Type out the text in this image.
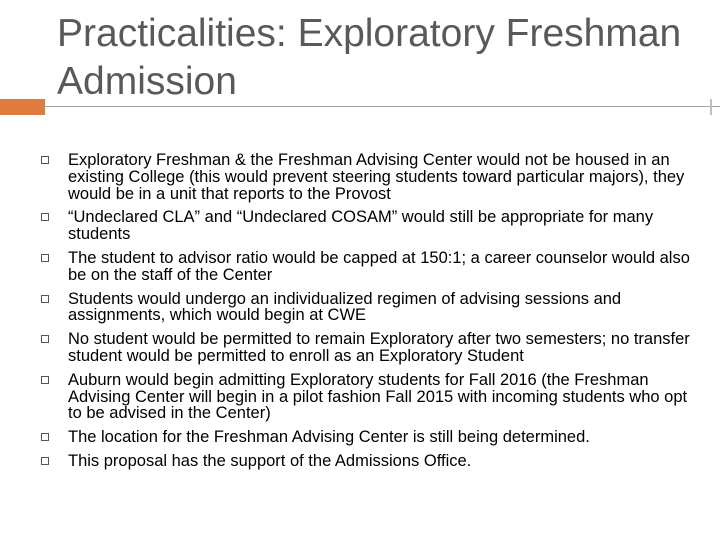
Practicalities: Exploratory Freshman Admission
Exploratory Freshman & the Freshman Advising Center would not be housed in an existing College (this would prevent steering students toward particular majors), they would be in a unit that reports to the Provost
“Undeclared CLA” and “Undeclared COSAM” would still be appropriate for many students
The student to advisor ratio would be capped at 150:1; a career counselor would also be on the staff of the Center
Students would undergo an individualized regimen of advising sessions and assignments, which would begin at CWE
No student would be permitted to remain Exploratory after two semesters; no transfer student would be permitted to enroll as an Exploratory Student
Auburn would begin admitting Exploratory students for Fall 2016 (the Freshman Advising Center will begin in a pilot fashion Fall 2015 with incoming students who opt to be advised in the Center)
The location for the Freshman Advising Center is still being determined.
This proposal has the support of the Admissions Office.
